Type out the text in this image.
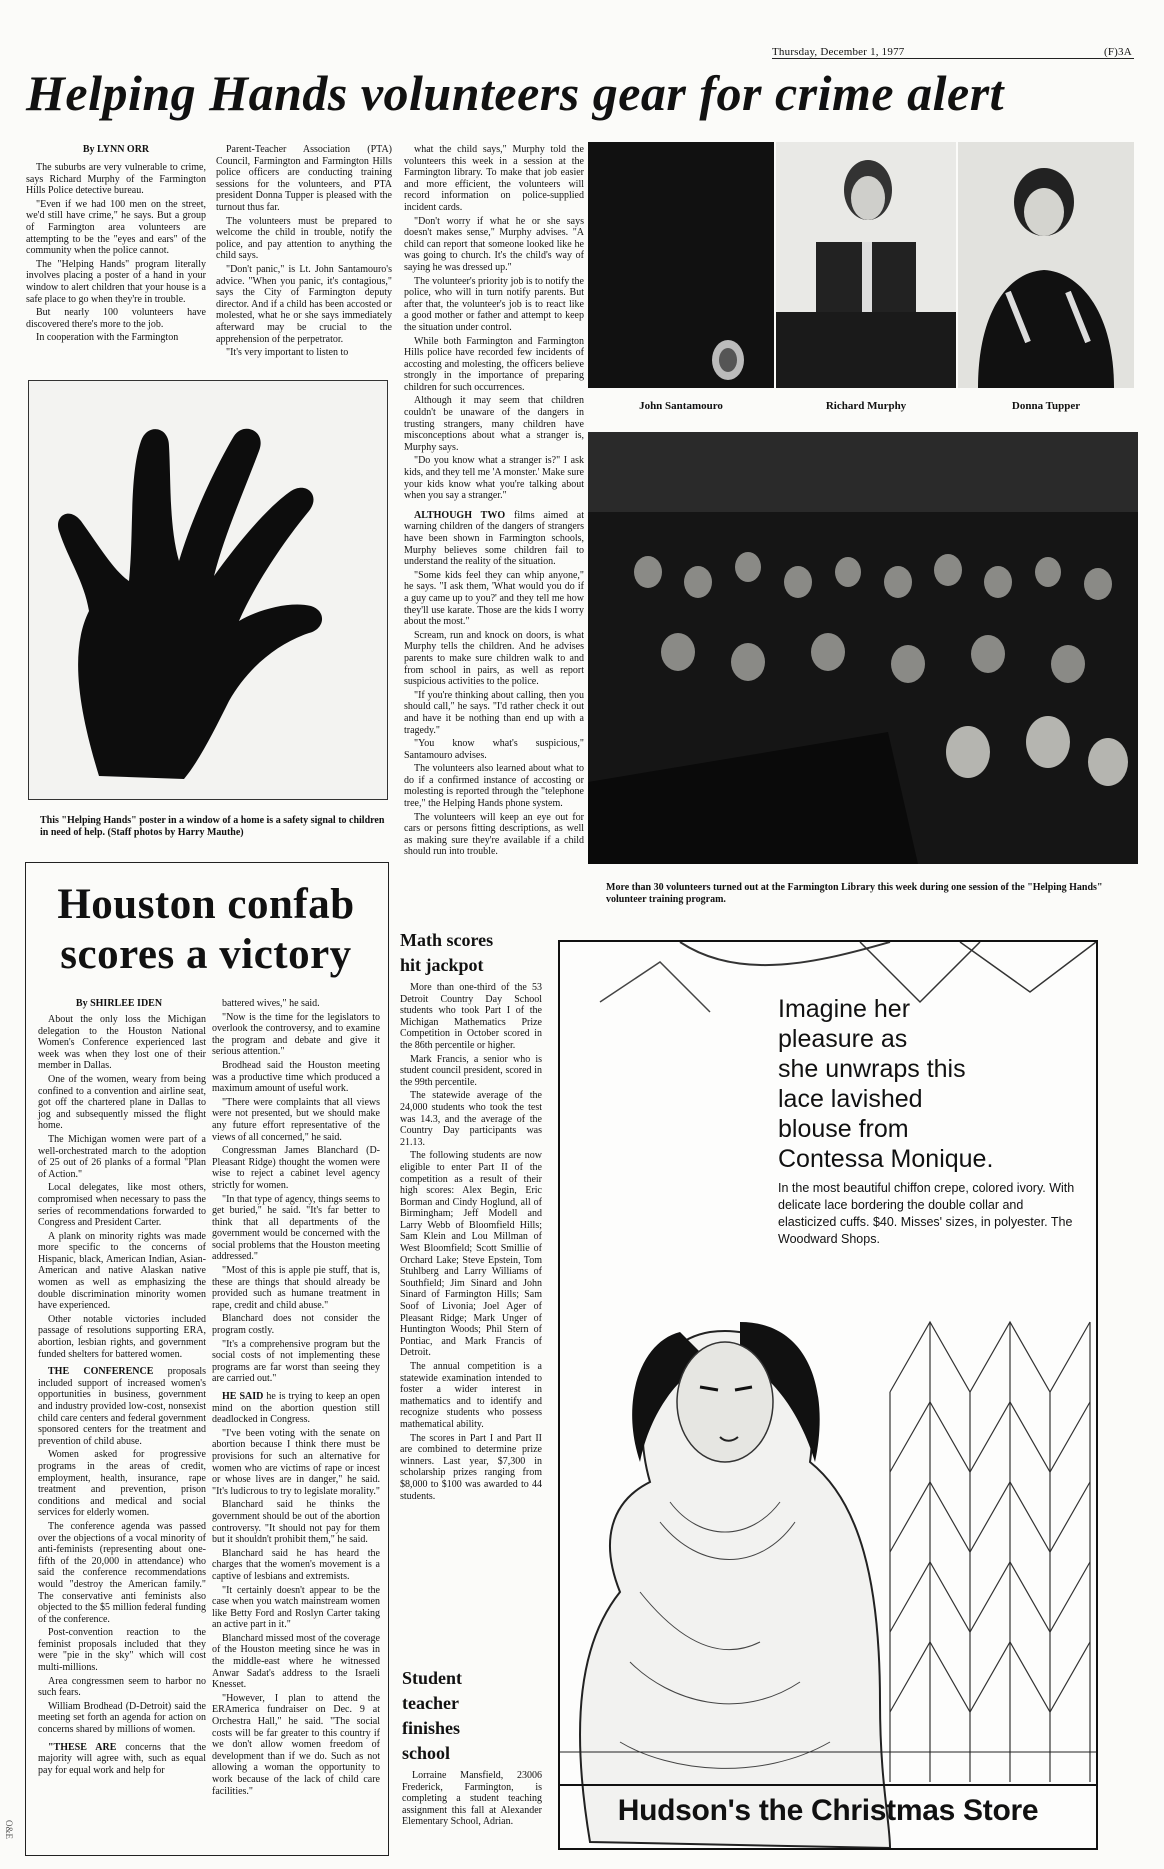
Thursday, December 1, 1977	(F)3A
Helping Hands volunteers gear for crime alert
By LYNN ORR

The suburbs are very vulnerable to crime, says Richard Murphy of the Farmington Hills Police detective bureau.

"Even if we had 100 men on the street, we'd still have crime," he says. But a group of Farmington area volunteers are attempting to be the "eyes and ears" of the community when the police cannot.

The "Helping Hands" program literally involves placing a poster of a hand in your window to alert children that your house is a safe place to go when they're in trouble.

But nearly 100 volunteers have discovered there's more to the job.

In cooperation with the Farmington

Parent-Teacher Association (PTA) Council, Farmington and Farmington Hills police officers are conducting training sessions for the volunteers, and PTA president Donna Tupper is pleased with the turnout thus far.

The volunteers must be prepared to welcome the child in trouble, notify the police, and pay attention to anything the child says.

"Don't panic," is Lt. John Santamouro's advice. "When you panic, it's contagious," says the City of Farmington deputy director. And if a child has been accosted or molested, what he or she says immediately afterward may be crucial to the apprehension of the perpetrator.

"It's very important to listen to

This "Helping Hands" poster in a window of a home is a safety signal to children in need of help. (Staff photos by Harry Mauthe)

what the child says," Murphy told the volunteers this week in a session at the Farmington library. To make that job easier and more efficient, the volunteers will record information on police-supplied incident cards.

"Don't worry if what he or she says doesn't makes sense," Murphy advises. "A child can report that someone looked like he was going to church. It's the child's way of saying he was dressed up."

The volunteer's priority job is to notify the police, who will in turn notify parents. But after that, the volunteer's job is to react like a good mother or father and attempt to keep the situation under control.

While both Farmington and Farmington Hills police have recorded few incidents of accosting and molesting, the officers believe strongly in the importance of preparing children for such occurrences.

Although it may seem that children couldn't be unaware of the dangers in trusting strangers, many children have misconceptions about what a stranger is, Murphy says.

"Do you know what a stranger is?" I ask kids, and they tell me 'A monster.' Make sure your kids know what you're talking about when you say a stranger."

ALTHOUGH TWO films aimed at warning children of the dangers of strangers have been shown in Farmington schools, Murphy believes some children fail to understand the reality of the situation.

"Some kids feel they can whip anyone," he says. "I ask them, 'What would you do if a guy came up to you?' and they tell me how they'll use karate. Those are the kids I worry about the most."

Scream, run and knock on doors, is what Murphy tells the children. And he advises parents to make sure children walk to and from school in pairs, as well as report suspicious activities to the police.

"If you're thinking about calling, then you should call," he says. "I'd rather check it out and have it be nothing than end up with a tragedy."

"You know what's suspicious," Santamouro advises.

The volunteers also learned about what to do if a confirmed instance of accosting or molesting is reported through the "telephone tree," the Helping Hands phone system.

The volunteers will keep an eye out for cars or persons fitting descriptions, as well as making sure they're available if a child should run into trouble.

John Santamouro	Richard Murphy	Donna Tupper
More than 30 volunteers turned out at the Farmington Library this week during one session of the "Helping Hands" volunteer training program.
Houston confab
scores a victory
By SHIRLEE IDEN

About the only loss the Michigan delegation to the Houston National Women's Conference experienced last week was when they lost one of their member in Dallas.

One of the women, weary from being confined to a convention and airline seat, got off the chartered plane in Dallas to jog and subsequently missed the flight home.

The Michigan women were part of a well-orchestrated march to the adoption of 25 out of 26 planks of a formal "Plan of Action."

Local delegates, like most others, compromised when necessary to pass the series of recommendations forwarded to Congress and President Carter.

A plank on minority rights was made more specific to the concerns of Hispanic, black, American Indian, Asian-American and native Alaskan native women as well as emphasizing the double discrimination minority women have experienced.

Other notable victories included passage of resolutions supporting ERA, abortion, lesbian rights, and government funded shelters for battered women.

THE CONFERENCE proposals included support of increased women's opportunities in business, government and industry provided low-cost, nonsexist child care centers and federal government sponsored centers for the treatment and prevention of child abuse.

Women asked for progressive programs in the areas of credit, employment, health, insurance, rape treatment and prevention, prison conditions and medical and social services for elderly women.

The conference agenda was passed over the objections of a vocal minority of anti-feminists (representing about one-fifth of the 20,000 in attendance) who said the conference recommendations would "destroy the American family." The conservative anti feminists also objected to the $5 million federal funding of the conference.

Post-convention reaction to the feminist proposals included that they were "pie in the sky" which will cost multi-millions.

Area congressmen seem to harbor no such fears.

William Brodhead (D-Detroit) said the meeting set forth an agenda for action on concerns shared by millions of women.

"THESE ARE concerns that the majority will agree with, such as equal pay for equal work and help for

battered wives," he said.

"Now is the time for the legislators to overlook the controversy, and to examine the program and debate and give it serious attention."

Brodhead said the Houston meeting was a productive time which produced a maximum amount of useful work.

"There were complaints that all views were not presented, but we should make any future effort representative of the views of all concerned," he said.

Congressman James Blanchard (D-Pleasant Ridge) thought the women were wise to reject a cabinet level agency strictly for women.

"In that type of agency, things seems to get buried," he said. "It's far better to think that all departments of the government would be concerned with the social problems that the Houston meeting addressed."

"Most of this is apple pie stuff, that is, these are things that should already be provided such as humane treatment in rape, credit and child abuse."

Blanchard does not consider the program costly.

"It's a comprehensive program but the social costs of not implementing these programs are far worst than seeing they are carried out."

HE SAID he is trying to keep an open mind on the abortion question still deadlocked in Congress.

"I've been voting with the senate on abortion because I think there must be provisions for such an alternative for women who are victims of rape or incest or whose lives are in danger," he said. "It's ludicrous to try to legislate morality."

Blanchard said he thinks the government should be out of the abortion controversy. "It should not pay for them but it shouldn't prohibit them," he said.

Blanchard said he has heard the charges that the women's movement is a captive of lesbians and extremists.

"It certainly doesn't appear to be the case when you watch mainstream women like Betty Ford and Roslyn Carter taking an active part in it."

Blanchard missed most of the coverage of the Houston meeting since he was in the middle-east where he witnessed Anwar Sadat's address to the Israeli Knesset.

"However, I plan to attend the ERAmerica fundraiser on Dec. 9 at Orchestra Hall," he said. "The social costs will be far greater to this country if we don't allow women freedom of development than if we do. Such as not allowing a woman the opportunity to work because of the lack of child care facilities."

O&E
Math scores
hit jackpot

More than one-third of the 53 Detroit Country Day School students who took Part I of the Michigan Mathematics Prize Competition in October scored in the 86th percentile or higher.

Mark Francis, a senior who is student council president, scored in the 99th percentile.

The statewide average of the 24,000 students who took the test was 14.3, and the average of the Country Day participants was 21.13.

The following students are now eligible to enter Part II of the competition as a result of their high scores: Alex Begin, Eric Borman and Cindy Hoglund, all of Birmingham; Jeff Modell and Larry Webb of Bloomfield Hills; Sam Klein and Lou Millman of West Bloomfield; Scott Smillie of Orchard Lake; Steve Epstein, Tom Stuhlberg and Larry Williams of Southfield; Jim Sinard and John Sinard of Farmington Hills; Sam Soof of Livonia; Joel Ager of Pleasant Ridge; Mark Unger of Huntington Woods; Phil Stern of Pontiac, and Mark Francis of Detroit.

The annual competition is a statewide examination intended to foster a wider interest in mathematics and to identify and recognize students who possess mathematical ability.

The scores in Part I and Part II are combined to determine prize winners. Last year, $7,300 in scholarship prizes ranging from $8,000 to $100 was awarded to 44 students.

Student
teacher
finishes
school

Lorraine Mansfield, 23006 Frederick, Farmington, is completing a student teaching assignment this fall at Alexander Elementary School, Adrian.

Imagine her
pleasure as
she unwraps this
lace lavished
blouse from
Contessa Monique.
In the most beautiful chiffon crepe, colored ivory. With delicate lace bordering the double collar and elasticized cuffs. $40. Misses' sizes, in polyester. The Woodward Shops.
Hudson's the Christmas Store
